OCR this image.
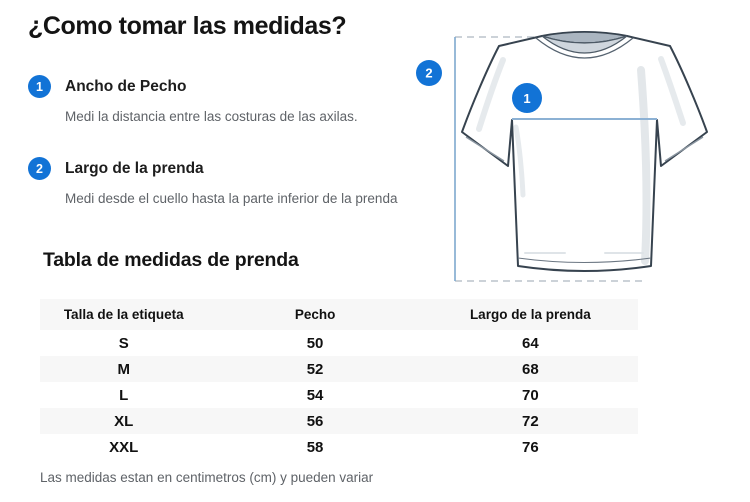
¿Como tomar las medidas?
1	Ancho de Pecho
Medi la distancia entre las costuras de las axilas.
2	Largo de la prenda
Medi desde el cuello hasta la parte inferior de la prenda
Tabla de medidas de prenda
Talla de la etiqueta	Pecho	Largo de la prenda
S	50	64
M	52	68
L	54	70
XL	56	72
XXL	58	76
Las medidas estan en centimetros (cm) y pueden variar
2
1
